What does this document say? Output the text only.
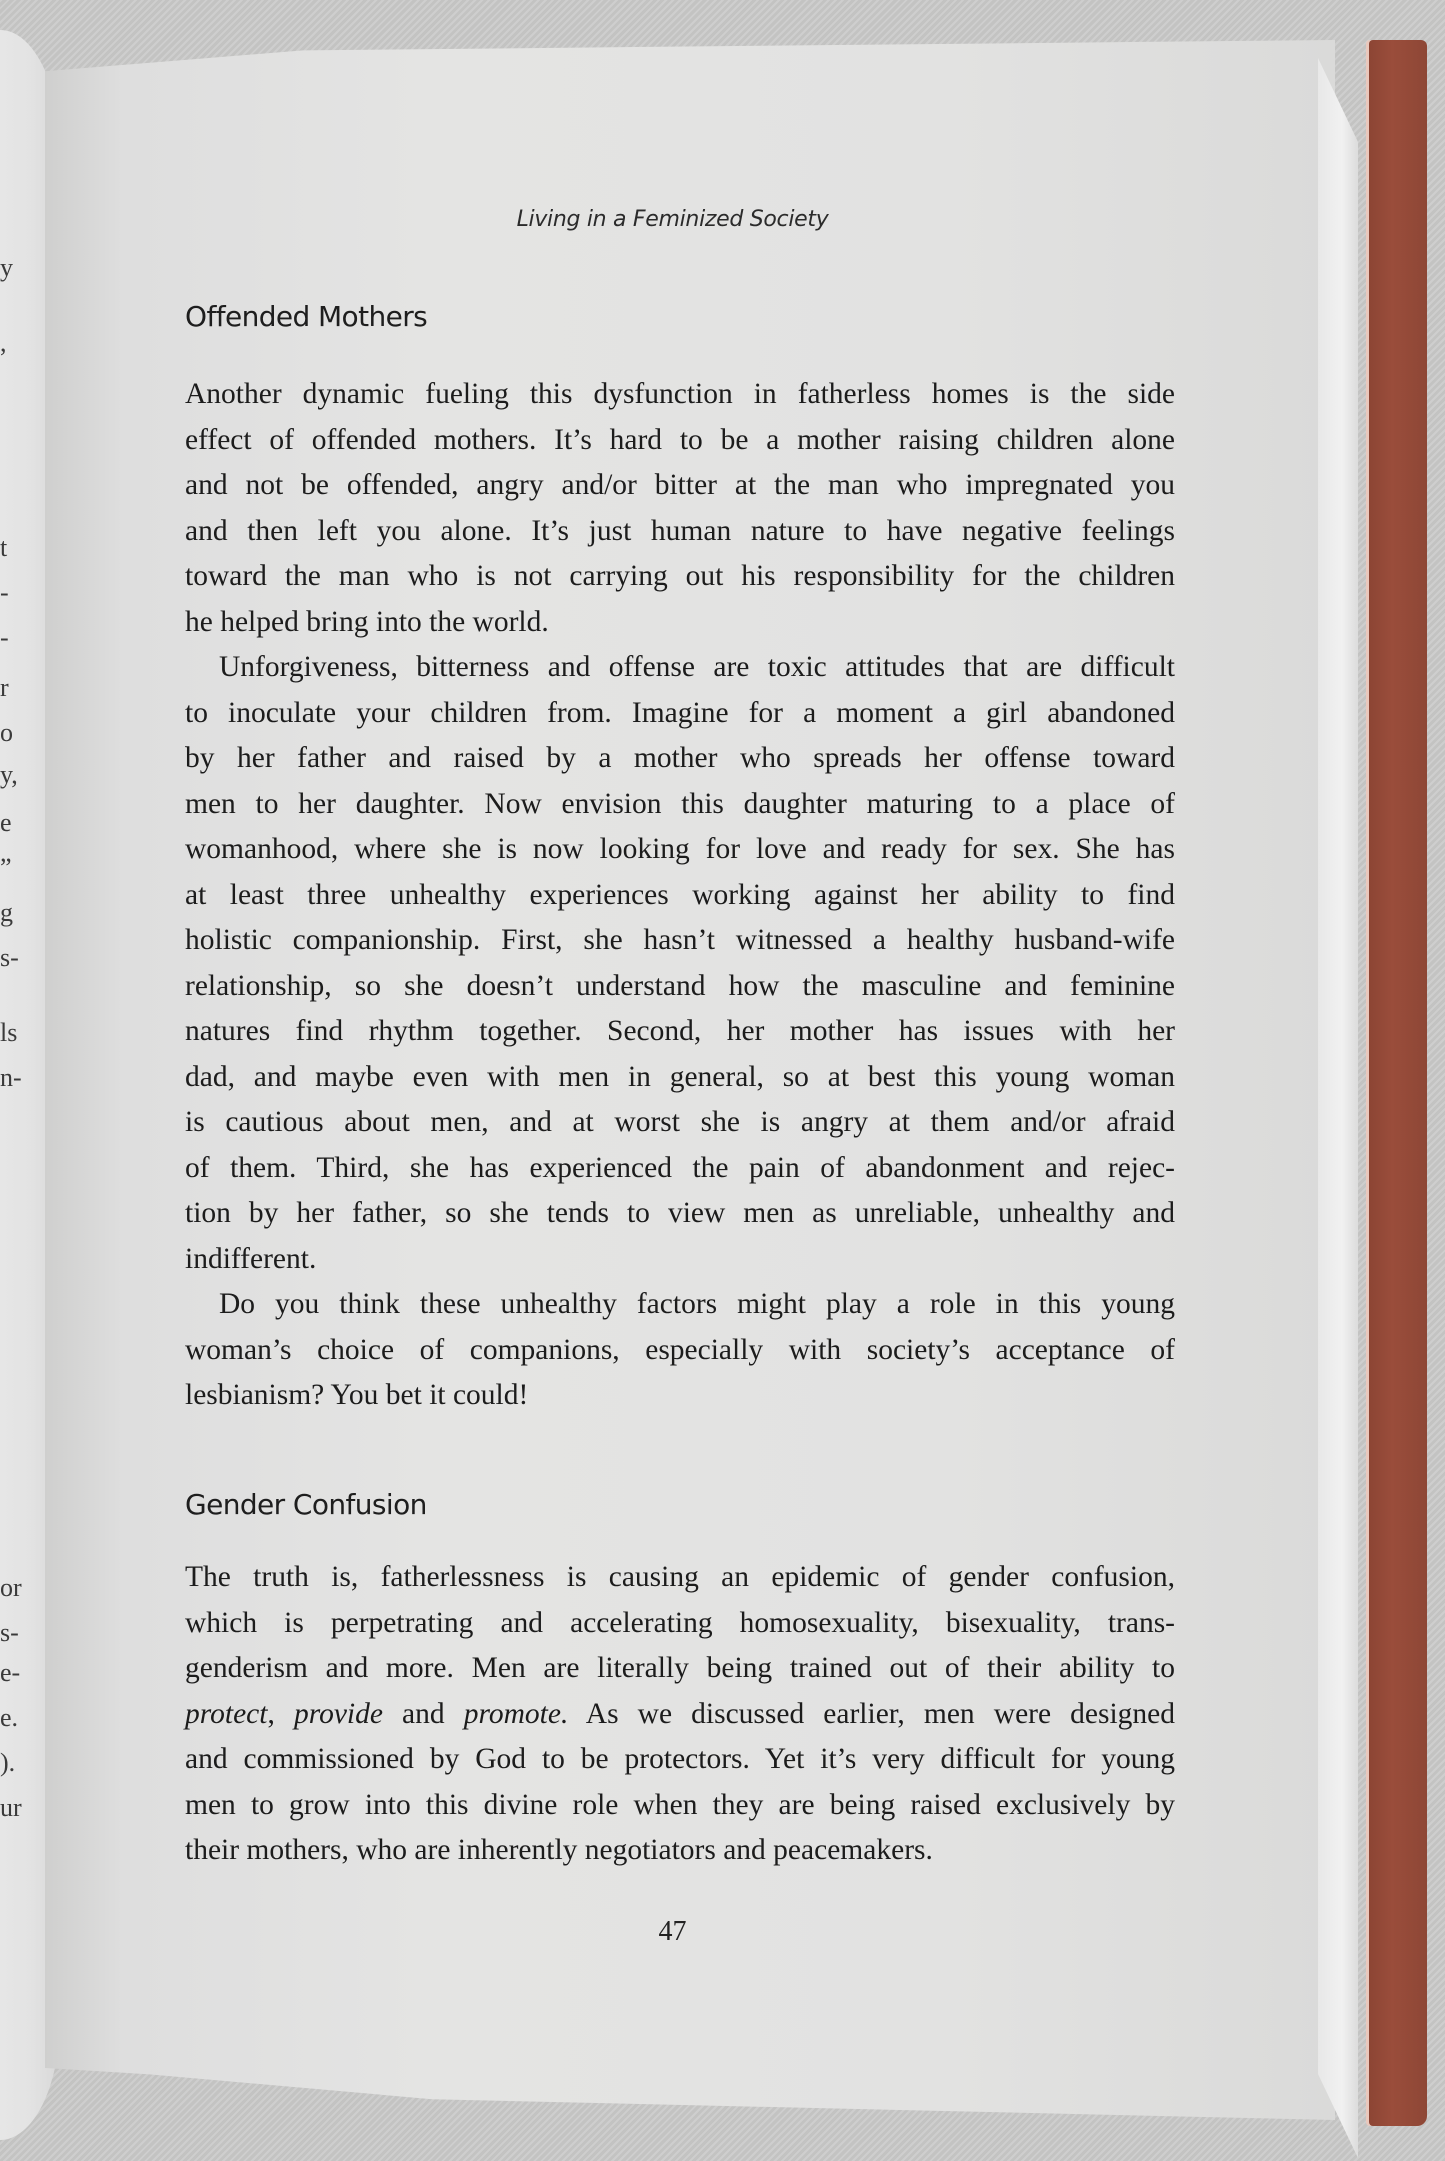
y
,
t
-
-
r
o
y,
e
”
g
s-
ls
n-
or
s-
e-
e.
).
ur
Living in a Feminized Society
Offended Mothers
Another dynamic fueling this dysfunction in fatherless homes is the side
effect of offended mothers. It’s hard to be a mother raising children alone
and not be offended, angry and/or bitter at the man who impregnated you
and then left you alone. It’s just human nature to have negative feelings
toward the man who is not carrying out his responsibility for the children
he helped bring into the world.
Unforgiveness, bitterness and offense are toxic attitudes that are difficult
to inoculate your children from. Imagine for a moment a girl abandoned
by her father and raised by a mother who spreads her offense toward
men to her daughter. Now envision this daughter maturing to a place of
womanhood, where she is now looking for love and ready for sex. She has
at least three unhealthy experiences working against her ability to find
holistic companionship. First, she hasn’t witnessed a healthy husband-wife
relationship, so she doesn’t understand how the masculine and feminine
natures find rhythm together. Second, her mother has issues with her
dad, and maybe even with men in general, so at best this young woman
is cautious about men, and at worst she is angry at them and/or afraid
of them. Third, she has experienced the pain of abandonment and rejec-
tion by her father, so she tends to view men as unreliable, unhealthy and
indifferent.
Do you think these unhealthy factors might play a role in this young
woman’s choice of companions, especially with society’s acceptance of
lesbianism? You bet it could!
Gender Confusion
The truth is, fatherlessness is causing an epidemic of gender confusion,
which is perpetrating and accelerating homosexuality, bisexuality, trans-
genderism and more. Men are literally being trained out of their ability to
protect, provide and promote. As we discussed earlier, men were designed
and commissioned by God to be protectors. Yet it’s very difficult for young
men to grow into this divine role when they are being raised exclusively by
their mothers, who are inherently negotiators and peacemakers.
47
